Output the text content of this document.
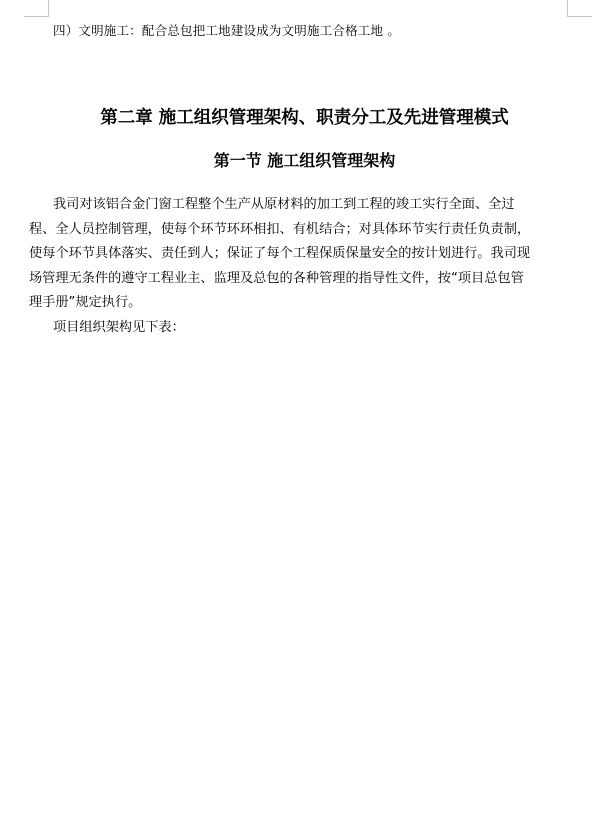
四）文明施工：配合总包把工地建设成为文明施工合格工地 。
第二章 施工组织管理架构、职责分工及先进管理模式
第一节 施工组织管理架构
我司对该铝合金门窗工程整个生产从原材料的加工到工程的竣工实行全面、全过
程、全人员控制管理，使每个环节环环相扣、有机结合；对具体环节实行责任负责制，
使每个环节具体落实、责任到人；保证了每个工程保质保量安全的按计划进行。我司现
场管理无条件的遵守工程业主、监理及总包的各种管理的指导性文件，按“项目总包管
理手册”规定执行。
项目组织架构见下表：
